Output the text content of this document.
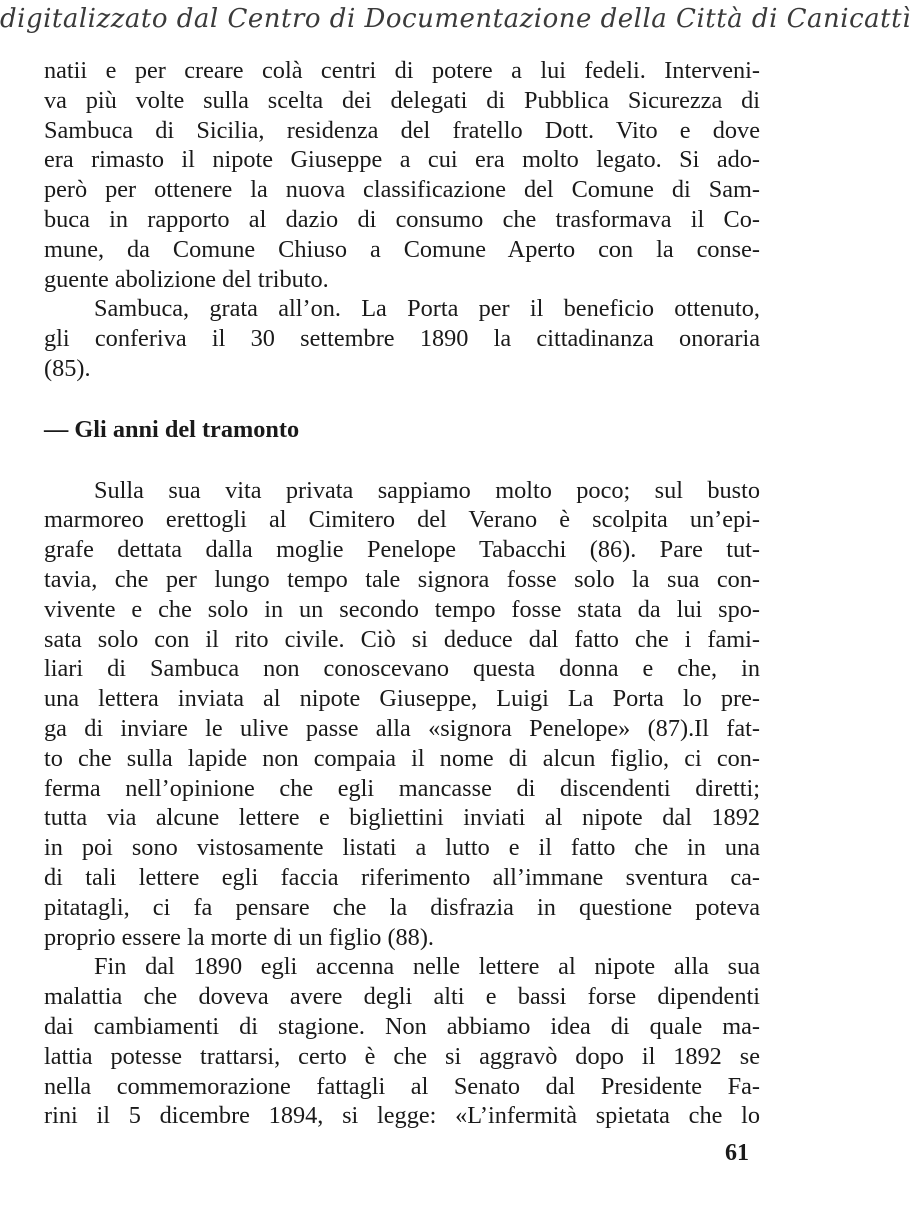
digitalizzato dal Centro di Documentazione della Città di Canicattì
natii e per creare colà centri di potere a lui fedeli. Interveni-
va più volte sulla scelta dei delegati di Pubblica Sicurezza di
Sambuca di Sicilia, residenza del fratello Dott. Vito e dove
era rimasto il nipote Giuseppe a cui era molto legato. Si ado-
però per ottenere la nuova classificazione del Comune di Sam-
buca in rapporto al dazio di consumo che trasformava il Co-
mune, da Comune Chiuso a Comune Aperto con la conse-
guente abolizione del tributo.
Sambuca, grata all’on. La Porta per il beneficio ottenuto,
gli conferiva il 30 settembre 1890 la cittadinanza onoraria
(85).
— Gli anni del tramonto
Sulla sua vita privata sappiamo molto poco; sul busto
marmoreo erettogli al Cimitero del Verano è scolpita un’epi-
grafe dettata dalla moglie Penelope Tabacchi (86). Pare tut-
tavia, che per lungo tempo tale signora fosse solo la sua con-
vivente e che solo in un secondo tempo fosse stata da lui spo-
sata solo con il rito civile. Ciò si deduce dal fatto che i fami-
liari di Sambuca non conoscevano questa donna e che, in
una lettera inviata al nipote Giuseppe, Luigi La Porta lo pre-
ga di inviare le ulive passe alla «signora Penelope» (87).Il fat-
to che sulla lapide non compaia il nome di alcun figlio, ci con-
ferma nell’opinione che egli mancasse di discendenti diretti;
tutta via alcune lettere e bigliettini inviati al nipote dal 1892
in poi sono vistosamente listati a lutto e il fatto che in una
di tali lettere egli faccia riferimento all’immane sventura ca-
pitatagli, ci fa pensare che la disfrazia in questione poteva
proprio essere la morte di un figlio (88).
Fin dal 1890 egli accenna nelle lettere al nipote alla sua
malattia che doveva avere degli alti e bassi forse dipendenti
dai cambiamenti di stagione. Non abbiamo idea di quale ma-
lattia potesse trattarsi, certo è che si aggravò dopo il 1892 se
nella commemorazione fattagli al Senato dal Presidente Fa-
rini il 5 dicembre 1894, si legge: «L’infermità spietata che lo
61
